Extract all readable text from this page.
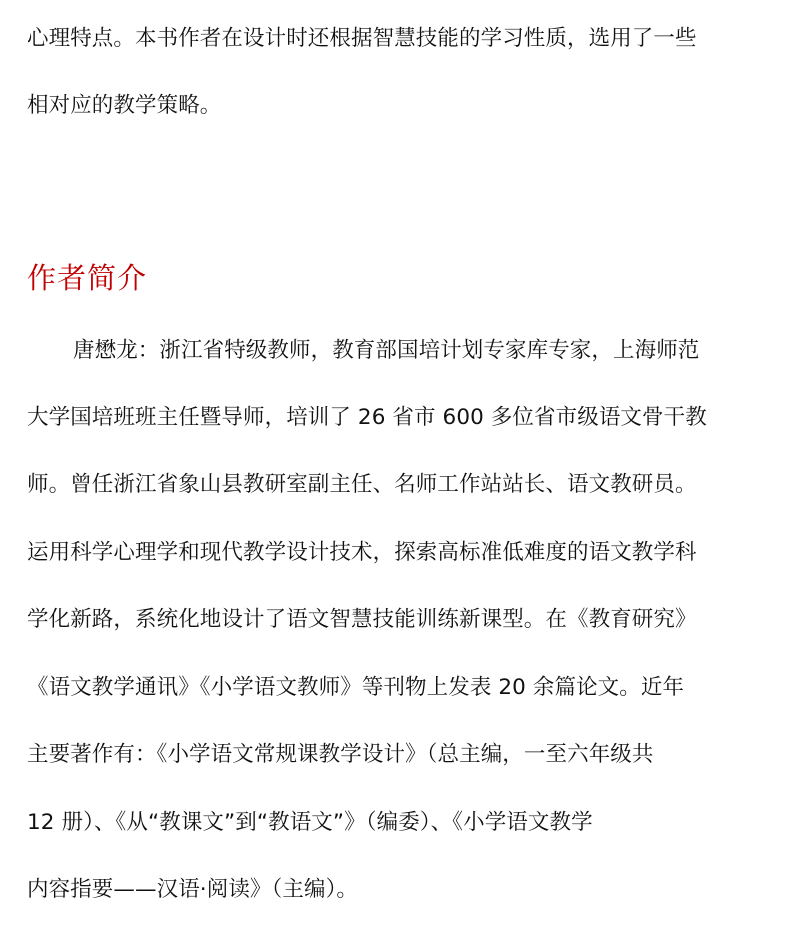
心理特点。本书作者在设计时还根据智慧技能的学习性质，选用了一些
相对应的教学策略。
作者简介
唐懋龙：浙江省特级教师，教育部国培计划专家库专家，上海师范
大学国培班班主任暨导师，培训了 26 省市 600 多位省市级语文骨干教
师。曾任浙江省象山县教研室副主任、名师工作站站长、语文教研员。
运用科学心理学和现代教学设计技术，探索高标准低难度的语文教学科
学化新路，系统化地设计了语文智慧技能训练新课型。在《教育研究》
《语文教学通讯》《小学语文教师》等刊物上发表 20 余篇论文。近年
主要著作有：《小学语文常规课教学设计》（总主编，一至六年级共
12 册）、《从“教课文”到“教语文”》（编委）、《小学语文教学
内容指要——汉语·阅读》（主编）。
